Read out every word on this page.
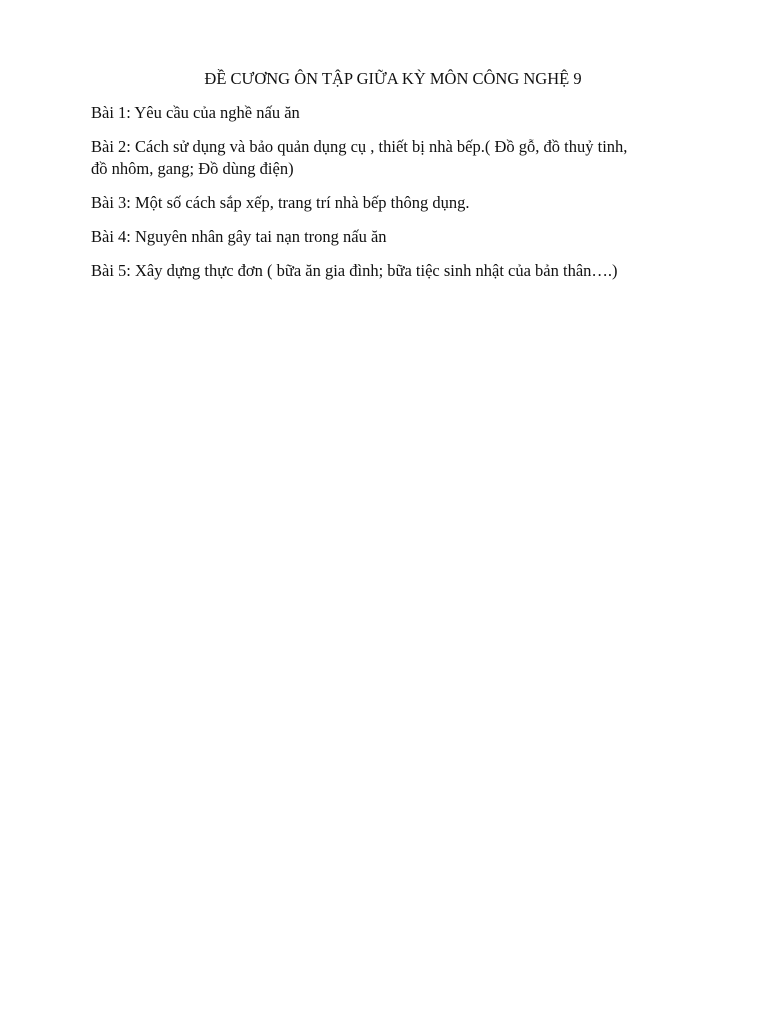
ĐỀ CƯƠNG ÔN TẬP GIỮA KỲ MÔN CÔNG NGHỆ 9
Bài 1: Yêu cầu của nghề nấu ăn
Bài 2: Cách sử dụng và bảo quản dụng cụ , thiết bị nhà bếp.( Đồ gỗ, đồ thuỷ tinh,
đồ nhôm, gang; Đồ dùng điện)
Bài 3: Một số cách sắp xếp, trang trí nhà bếp thông dụng.
Bài 4: Nguyên nhân gây tai nạn trong nấu ăn
Bài 5: Xây dựng thực đơn ( bữa ăn gia đình; bữa tiệc sinh nhật của bản thân….)
